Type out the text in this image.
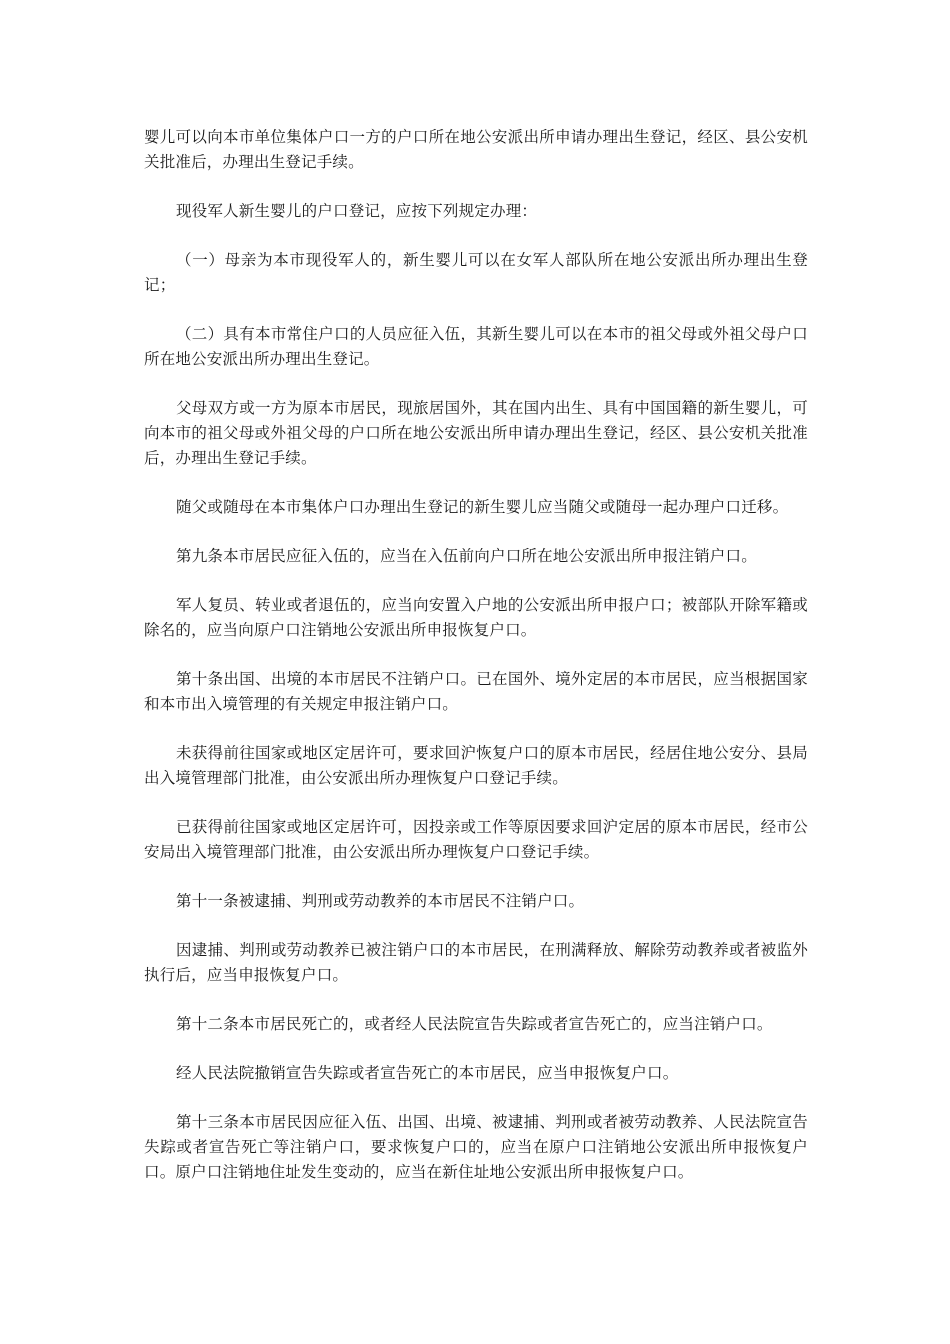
婴儿可以向本市单位集体户口一方的户口所在地公安派出所申请办理出生登记，经区、县公安机关批准后，办理出生登记手续。

现役军人新生婴儿的户口登记，应按下列规定办理：

（一）母亲为本市现役军人的，新生婴儿可以在女军人部队所在地公安派出所办理出生登记；

（二）具有本市常住户口的人员应征入伍，其新生婴儿可以在本市的祖父母或外祖父母户口所在地公安派出所办理出生登记。

父母双方或一方为原本市居民，现旅居国外，其在国内出生、具有中国国籍的新生婴儿，可向本市的祖父母或外祖父母的户口所在地公安派出所申请办理出生登记，经区、县公安机关批准后，办理出生登记手续。

随父或随母在本市集体户口办理出生登记的新生婴儿应当随父或随母一起办理户口迁移。

第九条本市居民应征入伍的，应当在入伍前向户口所在地公安派出所申报注销户口。

军人复员、转业或者退伍的，应当向安置入户地的公安派出所申报户口；被部队开除军籍或除名的，应当向原户口注销地公安派出所申报恢复户口。

第十条出国、出境的本市居民不注销户口。已在国外、境外定居的本市居民，应当根据国家和本市出入境管理的有关规定申报注销户口。

未获得前往国家或地区定居许可，要求回沪恢复户口的原本市居民，经居住地公安分、县局出入境管理部门批准，由公安派出所办理恢复户口登记手续。

已获得前往国家或地区定居许可，因投亲或工作等原因要求回沪定居的原本市居民，经市公安局出入境管理部门批准，由公安派出所办理恢复户口登记手续。

第十一条被逮捕、判刑或劳动教养的本市居民不注销户口。

因逮捕、判刑或劳动教养已被注销户口的本市居民，在刑满释放、解除劳动教养或者被监外执行后，应当申报恢复户口。

第十二条本市居民死亡的，或者经人民法院宣告失踪或者宣告死亡的，应当注销户口。

经人民法院撤销宣告失踪或者宣告死亡的本市居民，应当申报恢复户口。

第十三条本市居民因应征入伍、出国、出境、被逮捕、判刑或者被劳动教养、人民法院宣告失踪或者宣告死亡等注销户口，要求恢复户口的，应当在原户口注销地公安派出所申报恢复户口。原户口注销地住址发生变动的，应当在新住址地公安派出所申报恢复户口。
